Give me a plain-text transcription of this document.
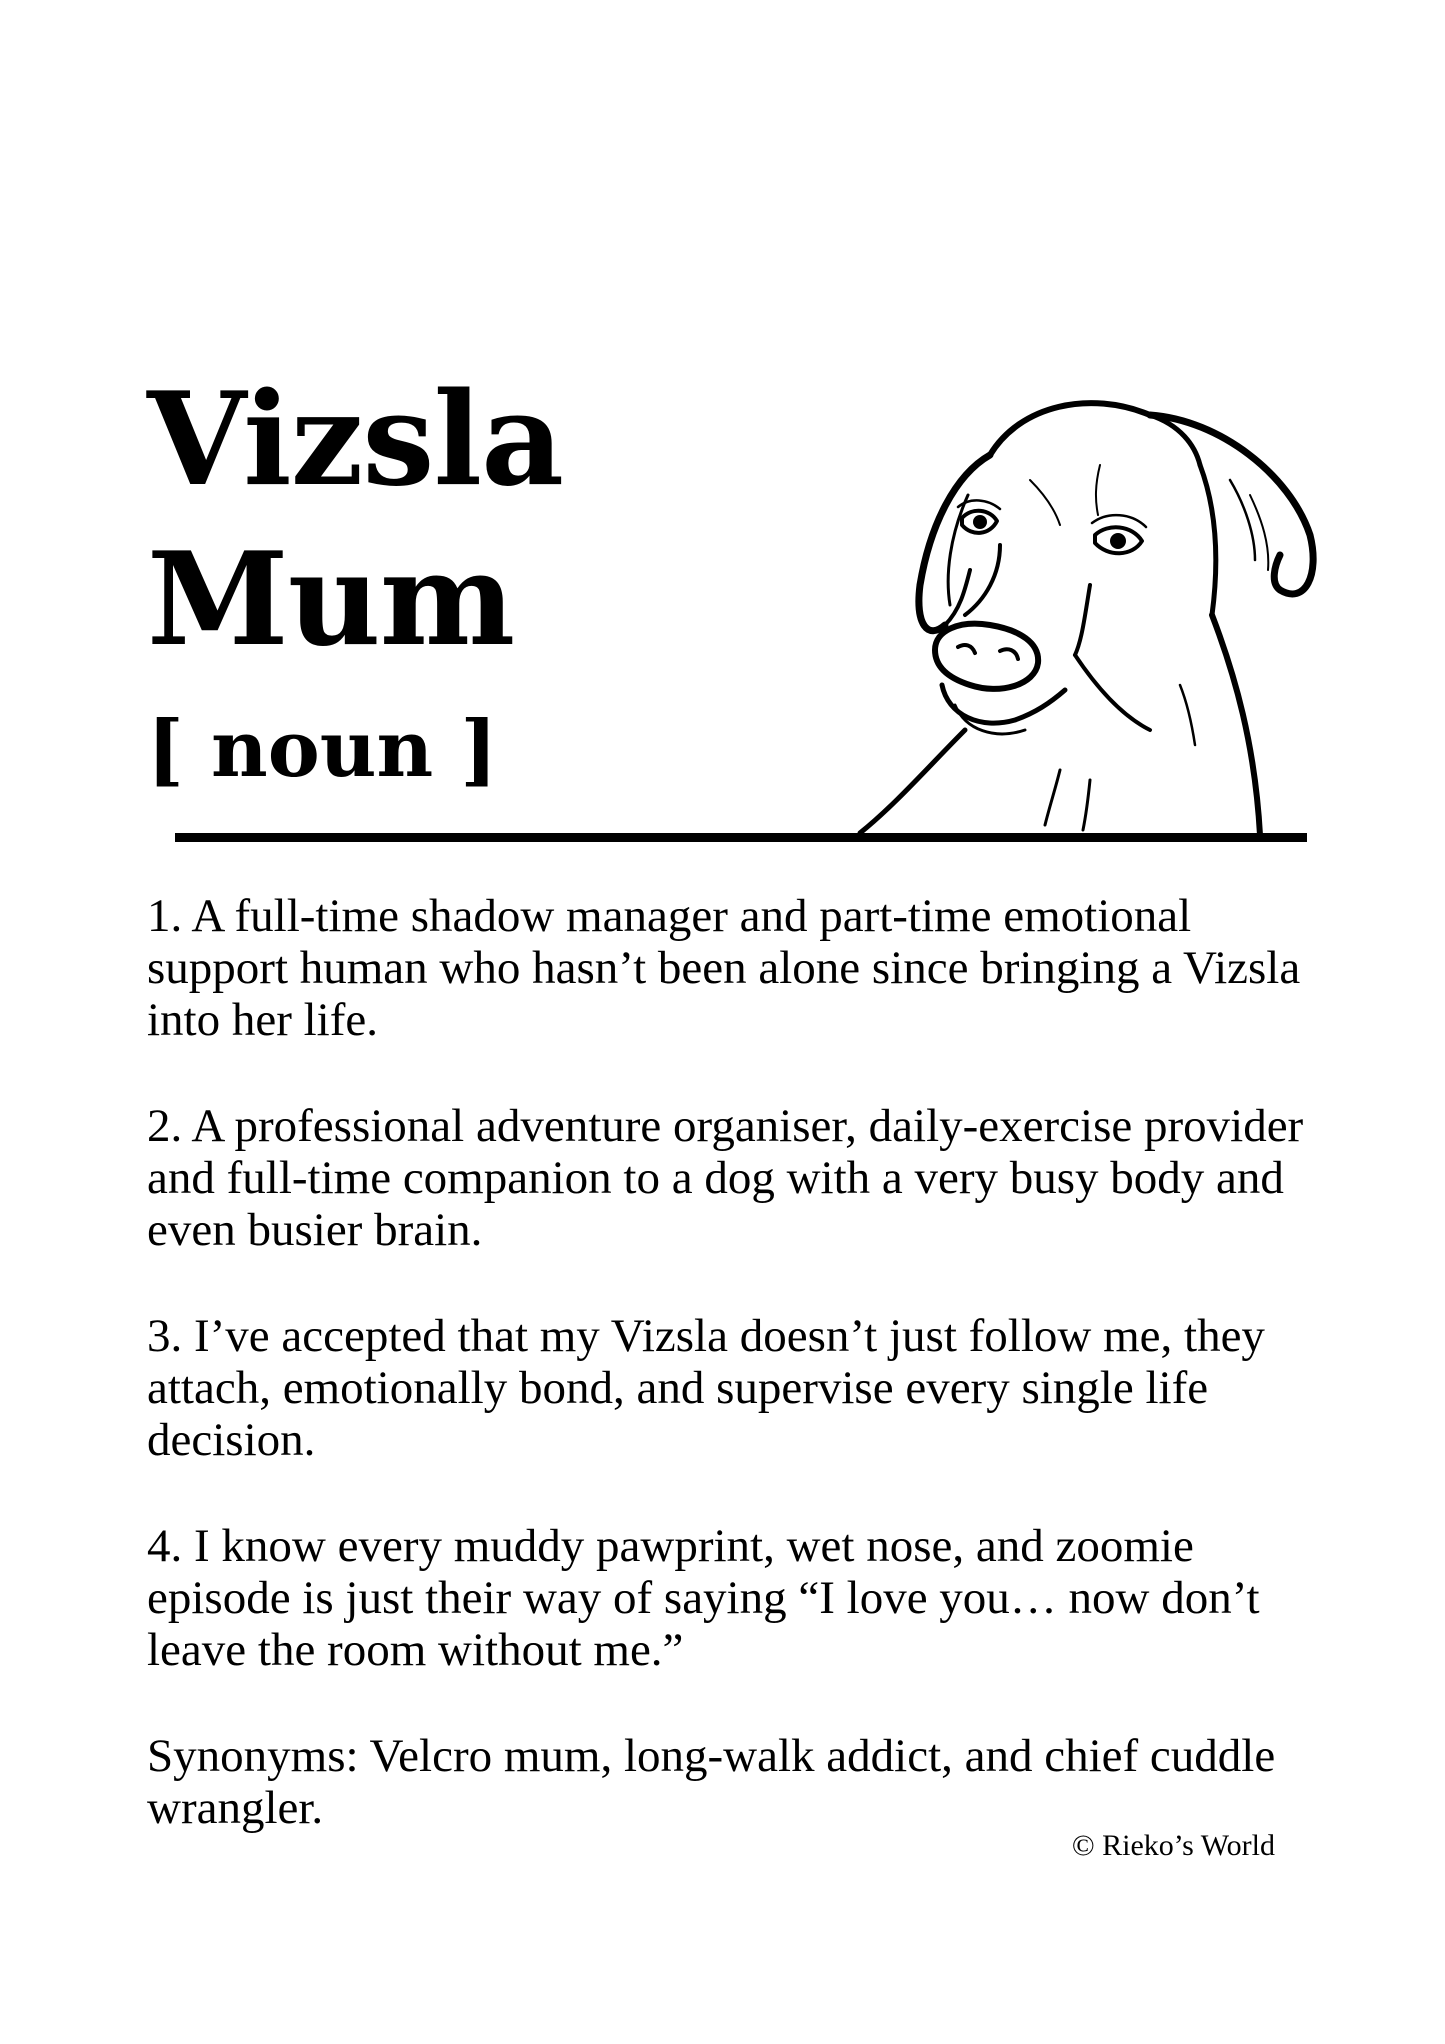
Vizsla
Mum
[ noun ]

1. A full-time shadow manager and part-time emotional support human who hasn’t been alone since bringing a Vizsla into her life.

2. A professional adventure organiser, daily-exercise provider and full-time companion to a dog with a very busy body and even busier brain.

3. I’ve accepted that my Vizsla doesn’t just follow me, they attach, emotionally bond, and supervise every single life decision.

4. I know every muddy pawprint, wet nose, and zoomie episode is just their way of saying “I love you… now don’t leave the room without me.”

Synonyms: Velcro mum, long-walk addict, and chief cuddle wrangler.

© Rieko’s World
